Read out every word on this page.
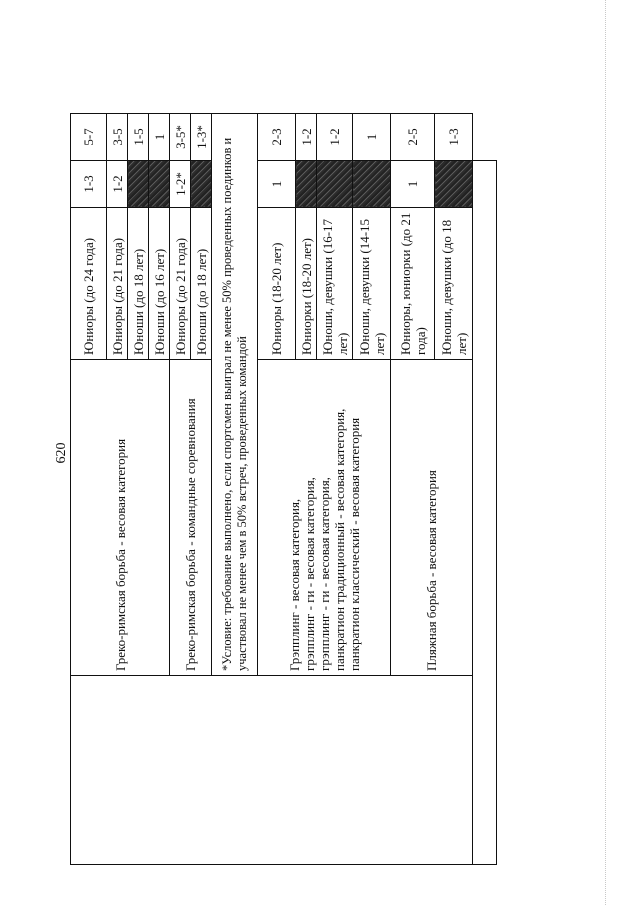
620
		Греко-римская борьба - весовая категория	Юниоры (до 24 года)	1-3	5-7
		Юниоры (до 21 года)	1-2	3-5
		Юноши (до 18 лет)		1-5
		Юноши (до 16 лет)		1
	Греко-римская борьба - командные соревнования	Юниоры (до 21 года)	1-2*	3-5*
		Юноши (до 18 лет)		1-3*
	*Условие: требование выполнено, если спортсмен выиграл не менее 50% проведенных поединков и участвовал не менее чем в 50% встреч, проведенных командой			

	Грэпплинг - весовая категория, грэпплинг - ги - весовая категория, грэпплинг - ги - весовая категория, панкратион традиционный - весовая категория, панкратион классический - весовая категория	Юниоры (18-20 лет)	1	2-3
		Юниорки (18-20 лет)		1-2
		Юноши, девушки (16-17 лет)		1-2
		Юноши, девушки (14-15 лет)		1
	Пляжная борьба - весовая категория	Юниоры, юниорки (до 21 года)	1	2-5
		Юноши, девушки (до 18 лет)		1-3
